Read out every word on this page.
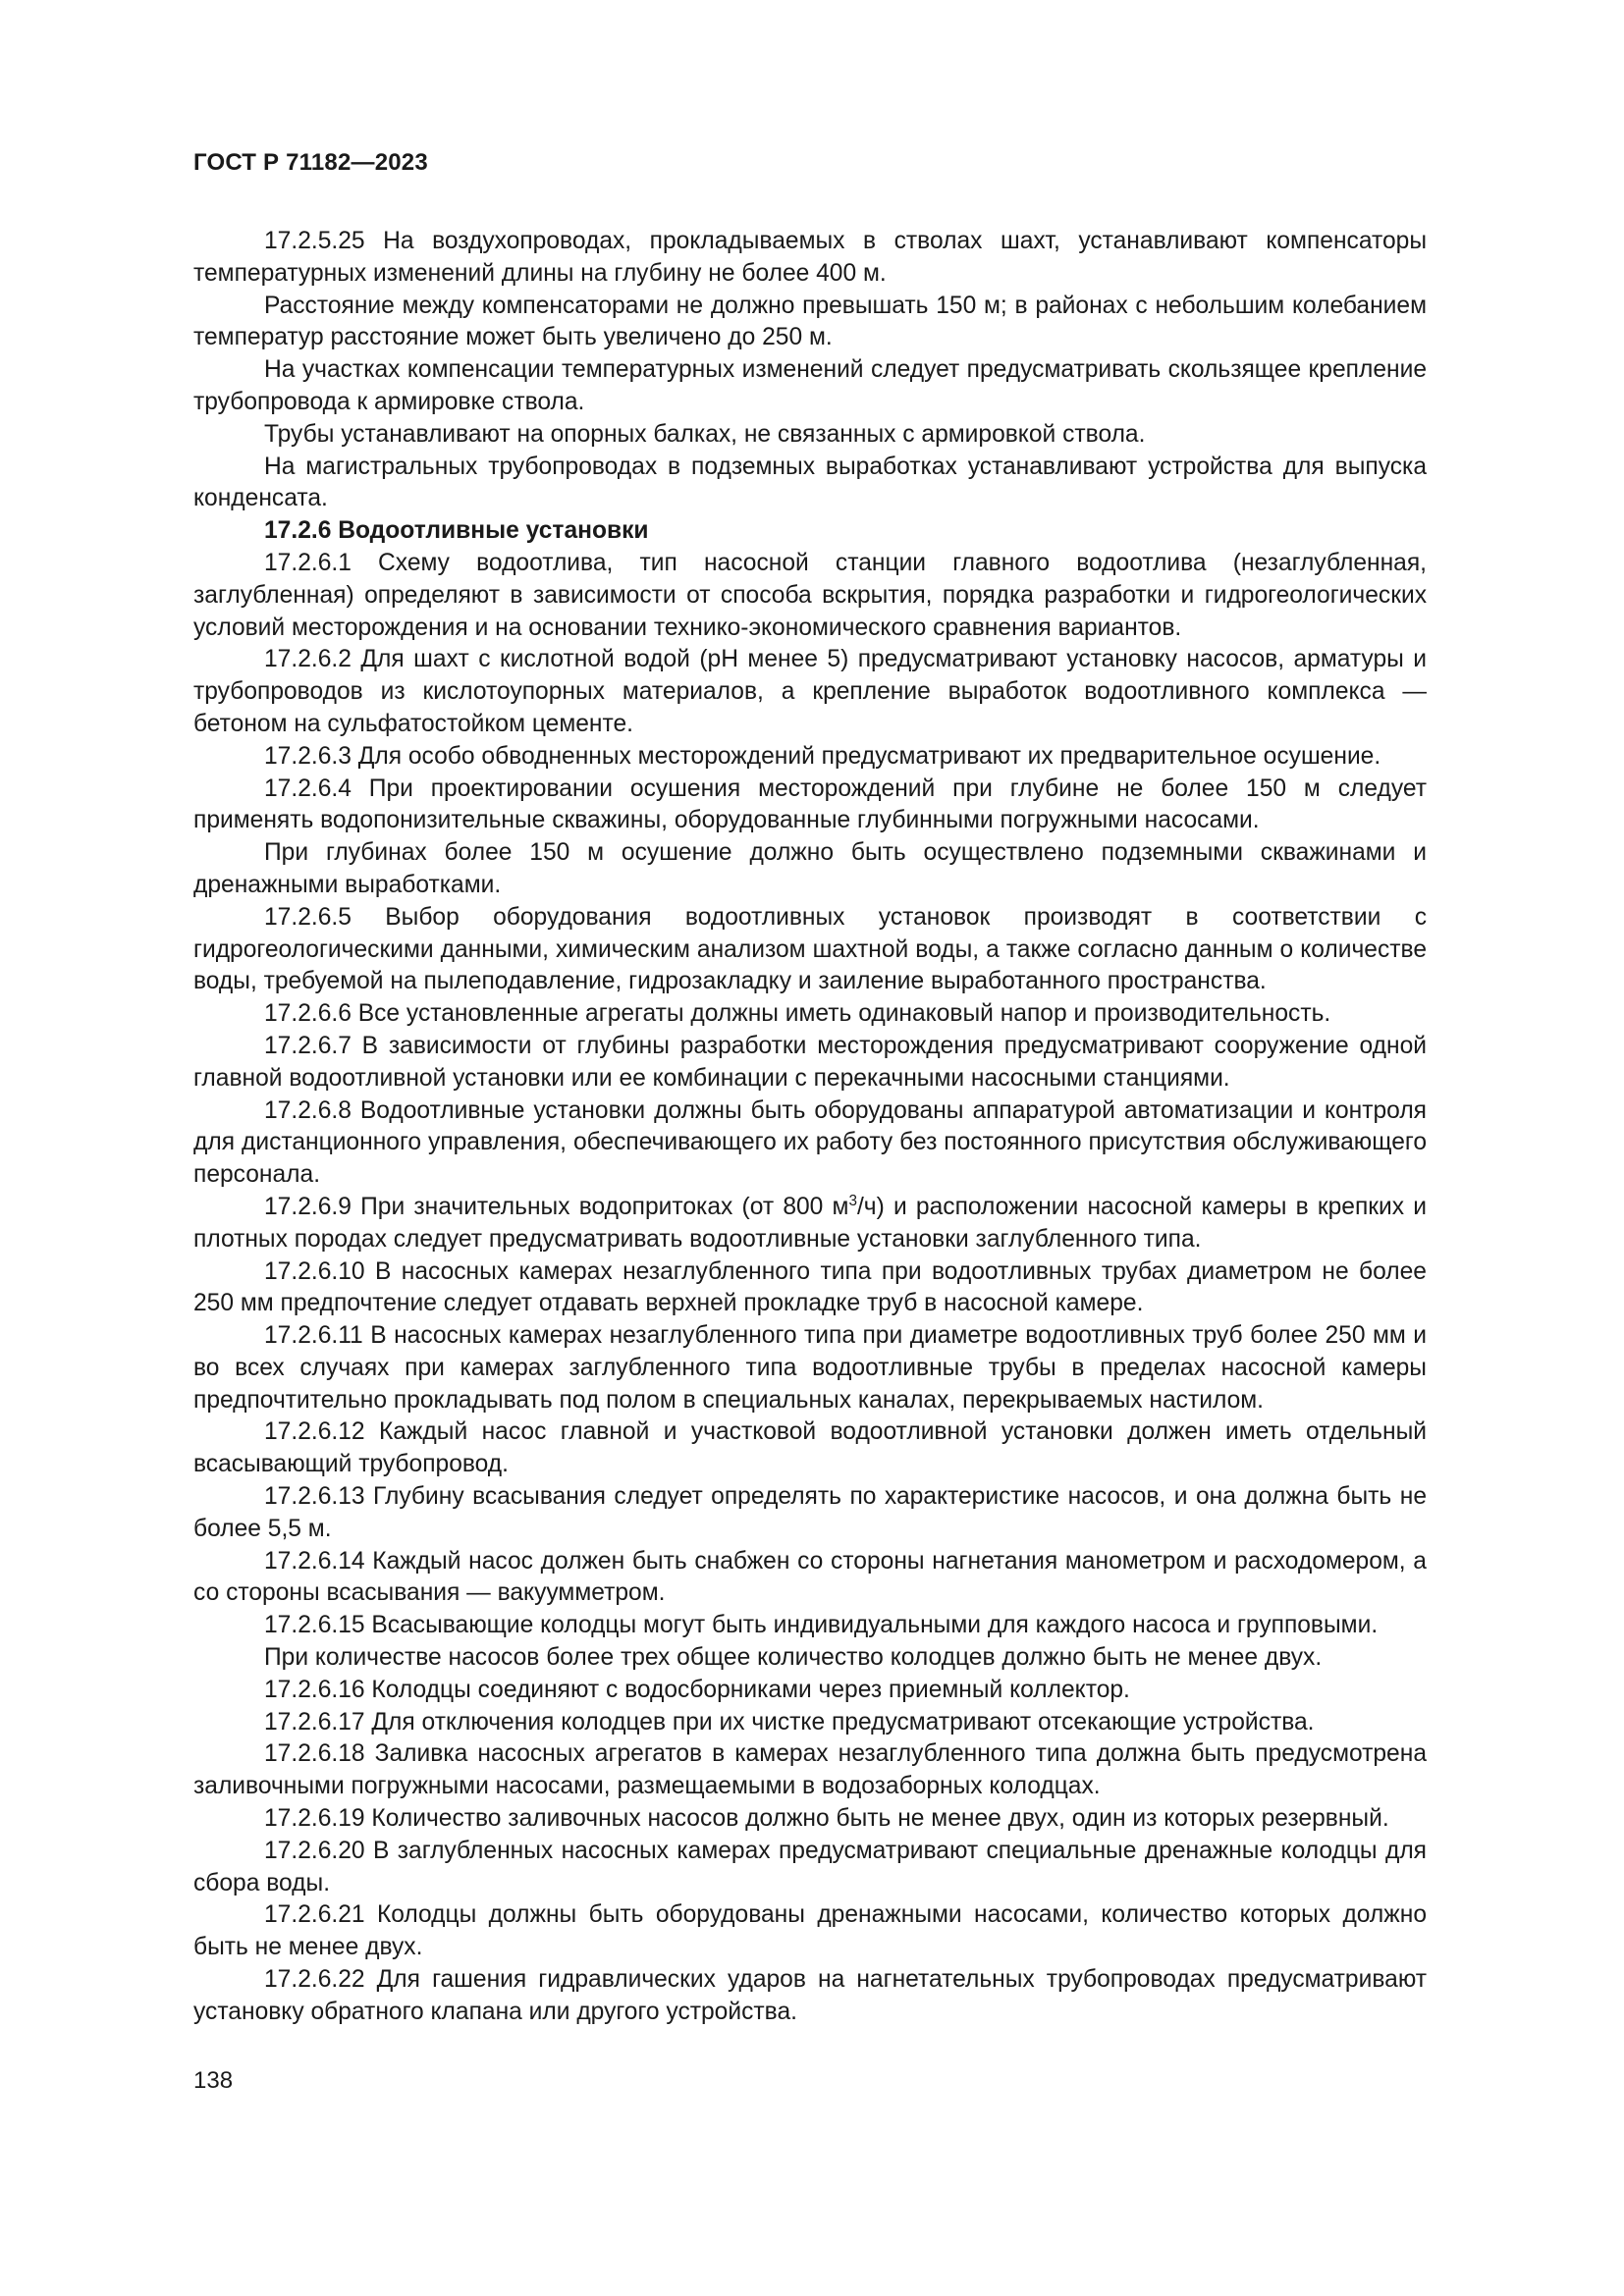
ГОСТ Р 71182—2023

17.2.5.25 На воздухопроводах, прокладываемых в стволах шахт, устанавливают компенсаторы температурных изменений длины на глубину не более 400 м.

Расстояние между компенсаторами не должно превышать 150 м; в районах с небольшим колебанием температур расстояние может быть увеличено до 250 м.

На участках компенсации температурных изменений следует предусматривать скользящее крепление трубопровода к армировке ствола.

Трубы устанавливают на опорных балках, не связанных с армировкой ствола.

На магистральных трубопроводах в подземных выработках устанавливают устройства для выпуска конденсата.

17.2.6 Водоотливные установки

17.2.6.1 Схему водоотлива, тип насосной станции главного водоотлива (незаглубленная, заглубленная) определяют в зависимости от способа вскрытия, порядка разработки и гидрогеологических условий месторождения и на основании технико-экономического сравнения вариантов.

17.2.6.2 Для шахт с кислотной водой (pH менее 5) предусматривают установку насосов, арматуры и трубопроводов из кислотоупорных материалов, а крепление выработок водоотливного комплекса — бетоном на сульфатостойком цементе.

17.2.6.3 Для особо обводненных месторождений предусматривают их предварительное осушение.

17.2.6.4 При проектировании осушения месторождений при глубине не более 150 м следует применять водопонизительные скважины, оборудованные глубинными погружными насосами.

При глубинах более 150 м осушение должно быть осуществлено подземными скважинами и дренажными выработками.

17.2.6.5 Выбор оборудования водоотливных установок производят в соответствии с гидрогеологическими данными, химическим анализом шахтной воды, а также согласно данным о количестве воды, требуемой на пылеподавление, гидрозакладку и заиление выработанного пространства.

17.2.6.6 Все установленные агрегаты должны иметь одинаковый напор и производительность.

17.2.6.7 В зависимости от глубины разработки месторождения предусматривают сооружение одной главной водоотливной установки или ее комбинации с перекачными насосными станциями.

17.2.6.8 Водоотливные установки должны быть оборудованы аппаратурой автоматизации и контроля для дистанционного управления, обеспечивающего их работу без постоянного присутствия обслуживающего персонала.

17.2.6.9 При значительных водопритоках (от 800 $м^3/ч$) и расположении насосной камеры в крепких и плотных породах следует предусматривать водоотливные установки заглубленного типа.

17.2.6.10 В насосных камерах незаглубленного типа при водоотливных трубах диаметром не более 250 мм предпочтение следует отдавать верхней прокладке труб в насосной камере.

17.2.6.11 В насосных камерах незаглубленного типа при диаметре водоотливных труб более 250 мм и во всех случаях при камерах заглубленного типа водоотливные трубы в пределах насосной камеры предпочтительно прокладывать под полом в специальных каналах, перекрываемых настилом.

17.2.6.12 Каждый насос главной и участковой водоотливной установки должен иметь отдельный всасывающий трубопровод.

17.2.6.13 Глубину всасывания следует определять по характеристике насосов, и она должна быть не более 5,5 м.

17.2.6.14 Каждый насос должен быть снабжен со стороны нагнетания манометром и расходомером, а со стороны всасывания — вакуумметром.

17.2.6.15 Всасывающие колодцы могут быть индивидуальными для каждого насоса и групповыми.

При количестве насосов более трех общее количество колодцев должно быть не менее двух.

17.2.6.16 Колодцы соединяют с водосборниками через приемный коллектор.

17.2.6.17 Для отключения колодцев при их чистке предусматривают отсекающие устройства.

17.2.6.18 Заливка насосных агрегатов в камерах незаглубленного типа должна быть предусмотрена заливочными погружными насосами, размещаемыми в водозаборных колодцах.

17.2.6.19 Количество заливочных насосов должно быть не менее двух, один из которых резервный.

17.2.6.20 В заглубленных насосных камерах предусматривают специальные дренажные колодцы для сбора воды.

17.2.6.21 Колодцы должны быть оборудованы дренажными насосами, количество которых должно быть не менее двух.

17.2.6.22 Для гашения гидравлических ударов на нагнетательных трубопроводах предусматривают установку обратного клапана или другого устройства.

138
